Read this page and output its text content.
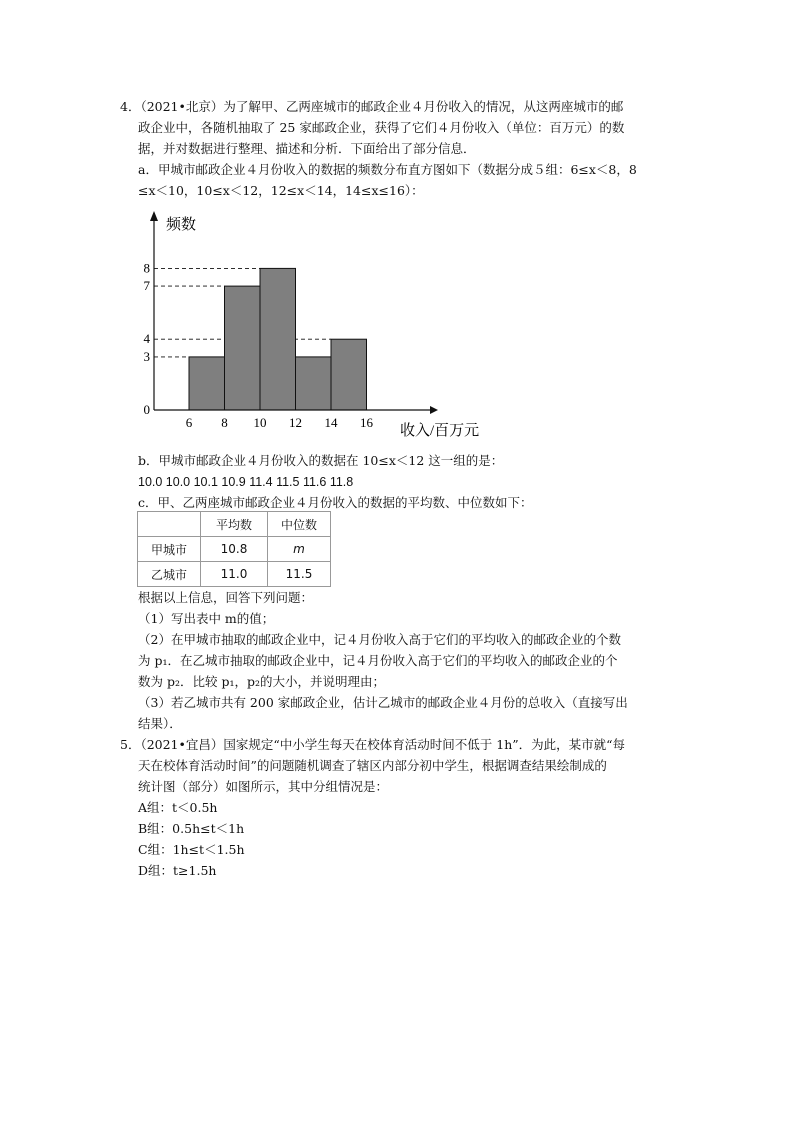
4．（2021•北京）为了解甲、乙两座城市的邮政企业４月份收入的情况，从这两座城市的邮
政企业中，各随机抽取了 25 家邮政企业，获得了它们４月份收入（单位：百万元）的数
据，并对数据进行整理、描述和分析．下面给出了部分信息．
a．甲城市邮政企业４月份收入的数据的频数分布直方图如下（数据分成５组：6≤x＜8，8
≤x＜10，10≤x＜12，12≤x＜14，14≤x≤16）：
0
3
4
7
8
6 8 10 12 14 16
频数
收入/百万元
b．甲城市邮政企业４月份收入的数据在 10≤x＜12 这一组的是：
10.0 10.0 10.1 10.9 11.4 11.5 11.6 11.8
c．甲、乙两座城市邮政企业４月份收入的数据的平均数、中位数如下：
	平均数	中位数
甲城市	10.8	m
乙城市	11.0	11.5
根据以上信息，回答下列问题：
（1）写出表中 m的值；
（2）在甲城市抽取的邮政企业中，记４月份收入高于它们的平均收入的邮政企业的个数
为 p₁．在乙城市抽取的邮政企业中，记４月份收入高于它们的平均收入的邮政企业的个
数为 p₂．比较 p₁，p₂的大小，并说明理由；
（3）若乙城市共有 200 家邮政企业，估计乙城市的邮政企业４月份的总收入（直接写出
结果）．
5．（2021•宜昌）国家规定“中小学生每天在校体育活动时间不低于 1h”．为此，某市就“每
天在校体育活动时间”的问题随机调查了辖区内部分初中学生，根据调查结果绘制成的
统计图（部分）如图所示，其中分组情况是：
A组：t＜0.5h
B组：0.5h≤t＜1h
C组：1h≤t＜1.5h
D组：t≥1.5h
